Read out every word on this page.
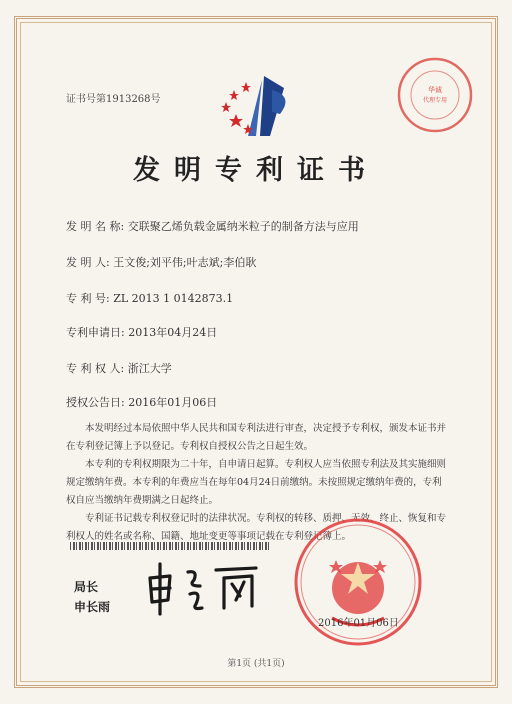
证书号第1913268号
华诚
代理专用
发明专利证书
发 明 名 称: 交联聚乙烯负载金属纳米粒子的制备方法与应用
发 明 人: 王文俊;刘平伟;叶志斌;李伯耿
专 利 号: ZL 2013 1 0142873.1
专利申请日: 2013年04月24日
专 利 权 人: 浙江大学
授权公告日: 2016年01月06日

本发明经过本局依照中华人民共和国专利法进行审查，决定授予专利权，颁发本证书并在专利登记簿上予以登记。专利权自授权公告之日起生效。

本专利的专利权期限为二十年，自申请日起算。专利权人应当依照专利法及其实施细则规定缴纳年费。本专利的年费应当在每年04月24日前缴纳。未按照规定缴纳年费的，专利权自应当缴纳年费期满之日起终止。

专利证书记载专利权登记时的法律状况。专利权的转移、质押、无效、终止、恢复和专利权人的姓名或名称、国籍、地址变更等事项记载在专利登记簿上。

局长
申长雨
2016年01月06日
第1页 (共1页)
